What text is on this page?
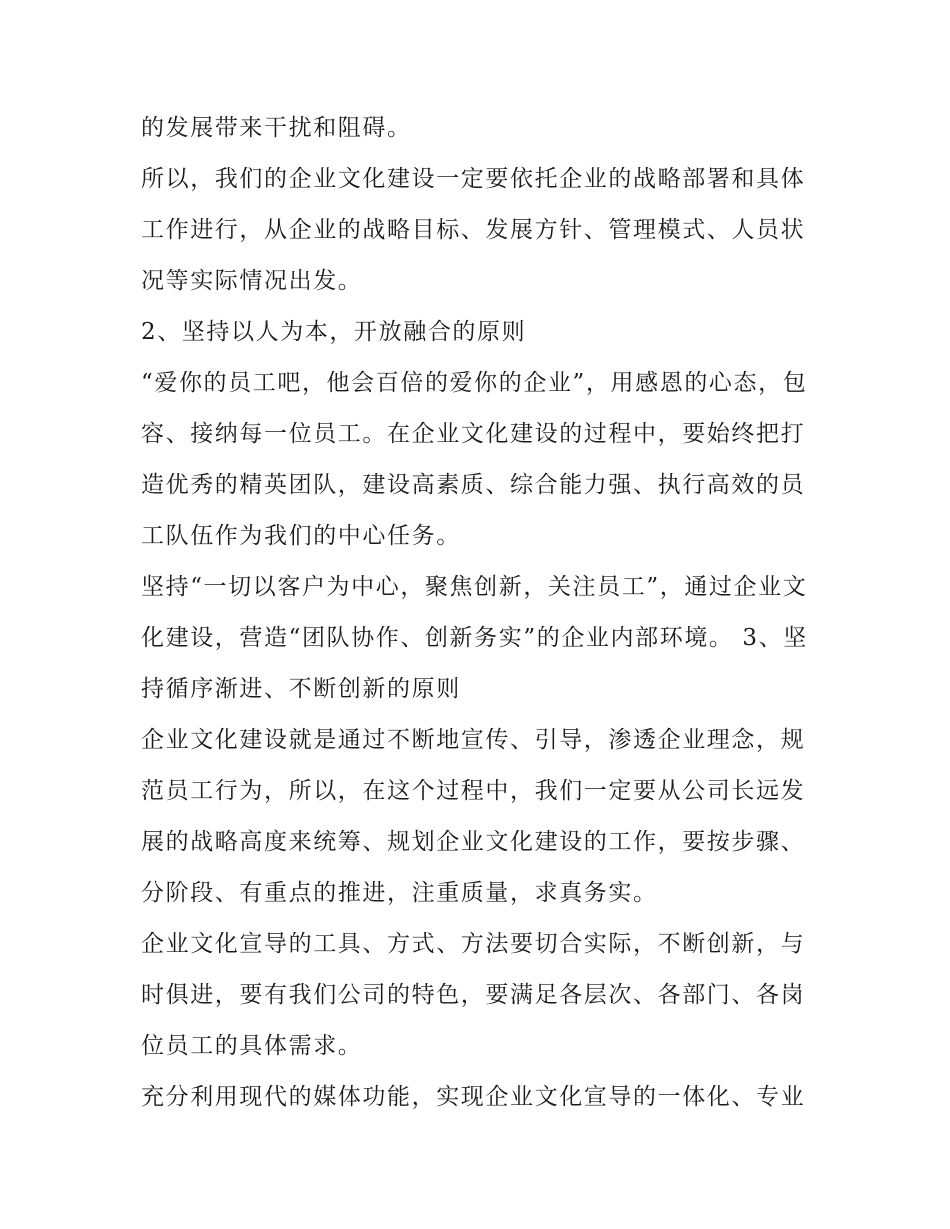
的发展带来干扰和阻碍。
所以，我们的企业文化建设一定要依托企业的战略部署和具体
工作进行，从企业的战略目标、发展方针、管理模式、人员状
况等实际情况出发。
2、坚持以人为本，开放融合的原则
“爱你的员工吧，他会百倍的爱你的企业”，用感恩的心态，包
容、接纳每一位员工。在企业文化建设的过程中，要始终把打
造优秀的精英团队，建设高素质、综合能力强、执行高效的员
工队伍作为我们的中心任务。
坚持“一切以客户为中心，聚焦创新，关注员工”，通过企业文
化建设，营造“团队协作、创新务实”的企业内部环境。 3、坚
持循序渐进、不断创新的原则
企业文化建设就是通过不断地宣传、引导，渗透企业理念，规
范员工行为，所以，在这个过程中，我们一定要从公司长远发
展的战略高度来统筹、规划企业文化建设的工作，要按步骤、
分阶段、有重点的推进，注重质量，求真务实。
企业文化宣导的工具、方式、方法要切合实际，不断创新，与
时俱进，要有我们公司的特色，要满足各层次、各部门、各岗
位员工的具体需求。
充分利用现代的媒体功能，实现企业文化宣导的一体化、专业
